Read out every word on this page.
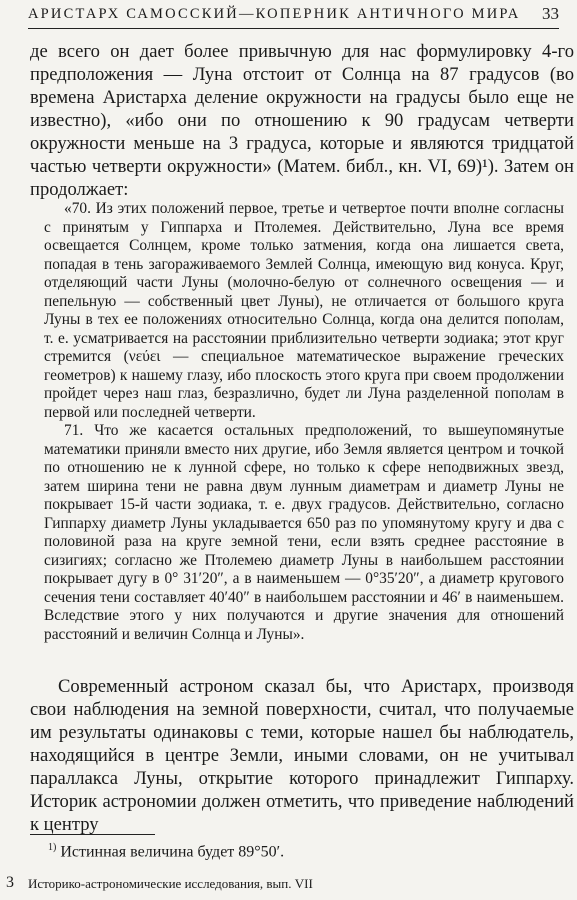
АРИСТАРХ САМОССКИЙ—КОПЕРНИК АНТИЧНОГО МИРА 33

де всего он дает более привычную для нас формулировку 4-го предположения — Луна отстоит от Солнца на 87 градусов (во времена Аристарха деление окружности на градусы было еще не известно), «ибо они по отношению к 90 градусам четверти окружности меньше на 3 градуса, которые и являются тридцатой частью четверти окружности» (Матем. библ., кн. VI, 69)¹). Затем он продолжает:

«70. Из этих положений первое, третье и четвертое почти вполне согласны с принятым у Гиппарха и Птолемея. Действительно, Луна все время освещается Солнцем, кроме только затмения, когда она лишается света, попадая в тень загораживаемого Землей Солнца, имеющую вид конуса. Круг, отделяющий части Луны (молочно-белую от солнечного освещения — и пепельную — собственный цвет Луны), не отличается от большого круга Луны в тех ее положениях относительно Солнца, когда она делится пополам, т. е. усматривается на расстоянии приблизительно четверти зодиака; этот круг стремится (νεύει — специальное математическое выражение греческих геометров) к нашему глазу, ибо плоскость этого круга при своем продолжении пройдет через наш глаз, безразлично, будет ли Луна разделенной пополам в первой или последней четверти.

71. Что же касается остальных предположений, то вышеупомянутые математики приняли вместо них другие, ибо Земля является центром и точкой по отношению не к лунной сфере, но только к сфере неподвижных звезд, затем ширина тени не равна двум лунным диаметрам и диаметр Луны не покрывает 15-й части зодиака, т. е. двух градусов. Действительно, согласно Гиппарху диаметр Луны укладывается 650 раз по упомянутому кругу и два с половиной раза на круге земной тени, если взять среднее расстояние в сизигиях; согласно же Птолемею диаметр Луны в наибольшем расстоянии покрывает дугу в 0° 31′20″, а в наименьшем — 0°35′20″, а диаметр кругового сечения тени составляет 40′40″ в наибольшем расстоянии и 46′ в наименьшем. Вследствие этого у них получаются и другие значения для отношений расстояний и величин Солнца и Луны».

Современный астроном сказал бы, что Аристарх, производя свои наблюдения на земной поверхности, считал, что получаемые им результаты одинаковы с теми, которые нашел бы наблюдатель, находящийся в центре Земли, иными словами, он не учитывал параллакса Луны, открытие которого принадлежит Гиппарху. Историк астрономии должен отметить, что приведение наблюдений к центру

$^{1)}$ Истинная величина будет 89°50′.
3 Историко-астрономические исследования, вып. VII
